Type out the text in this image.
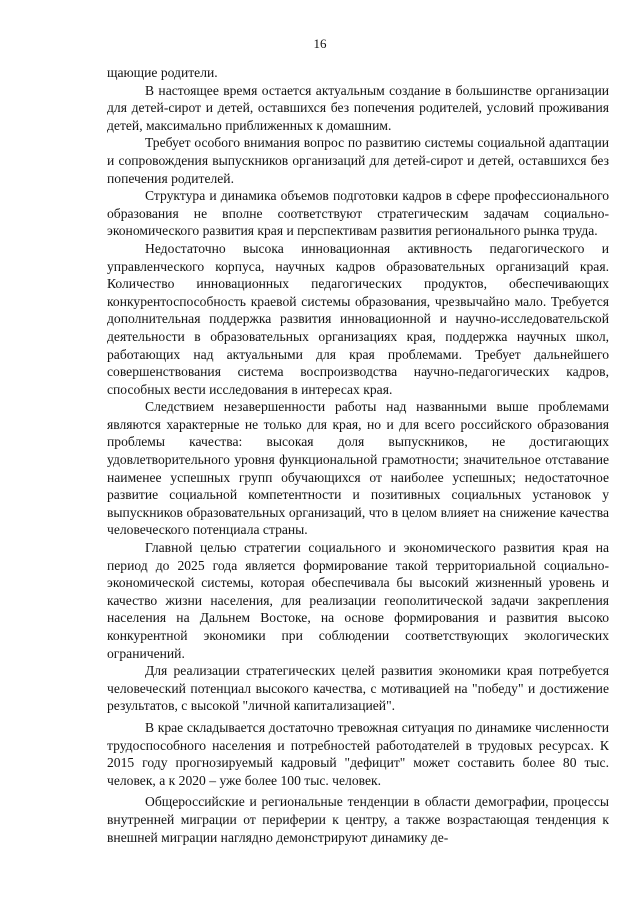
16

щающие родители.

В настоящее время остается актуальным создание в большинстве организации для детей-сирот и детей, оставшихся без попечения родителей, условий проживания детей, максимально приближенных к домашним.

Требует особого внимания вопрос по развитию системы социальной адаптации и сопровождения выпускников организаций для детей-сирот и детей, оставшихся без попечения родителей.

Структура и динамика объемов подготовки кадров в сфере профессионального образования не вполне соответствуют стратегическим задачам социально-экономического развития края и перспективам развития регионального рынка труда.

Недостаточно высока инновационная активность педагогического и управленческого корпуса, научных кадров образовательных организаций края. Количество инновационных педагогических продуктов, обеспечивающих конкурентоспособность краевой системы образования, чрезвычайно мало. Требуется дополнительная поддержка развития инновационной и научно-исследовательской деятельности в образовательных организациях края, поддержка научных школ, работающих над актуальными для края проблемами. Требует дальнейшего совершенствования система воспроизводства научно-педагогических кадров, способных вести исследования в интересах края.

Следствием незавершенности работы над названными выше проблемами являются характерные не только для края, но и для всего российского образования проблемы качества: высокая доля выпускников, не достигающих удовлетворительного уровня функциональной грамотности; значительное отставание наименее успешных групп обучающихся от наиболее успешных; недостаточное развитие социальной компетентности и позитивных социальных установок у выпускников образовательных организаций, что в целом влияет на снижение качества человеческого потенциала страны.

Главной целью стратегии социального и экономического развития края на период до 2025 года является формирование такой территориальной социально-экономической системы, которая обеспечивала бы высокий жизненный уровень и качество жизни населения, для реализации геополитической задачи закрепления населения на Дальнем Востоке, на основе формирования и развития высоко конкурентной экономики при соблюдении соответствующих экологических ограничений.

Для реализации стратегических целей развития экономики края потребуется человеческий потенциал высокого качества, с мотивацией на "победу" и достижение результатов, с высокой "личной капитализацией".

В крае складывается достаточно тревожная ситуация по динамике численности трудоспособного населения и потребностей работодателей в трудовых ресурсах. К 2015 году прогнозируемый кадровый "дефицит" может составить более 80 тыс. человек, а к 2020 – уже более 100 тыс. человек.

Общероссийские и региональные тенденции в области демографии, процессы внутренней миграции от периферии к центру, а также возрастающая тенденция к внешней миграции наглядно демонстрируют динамику де-
